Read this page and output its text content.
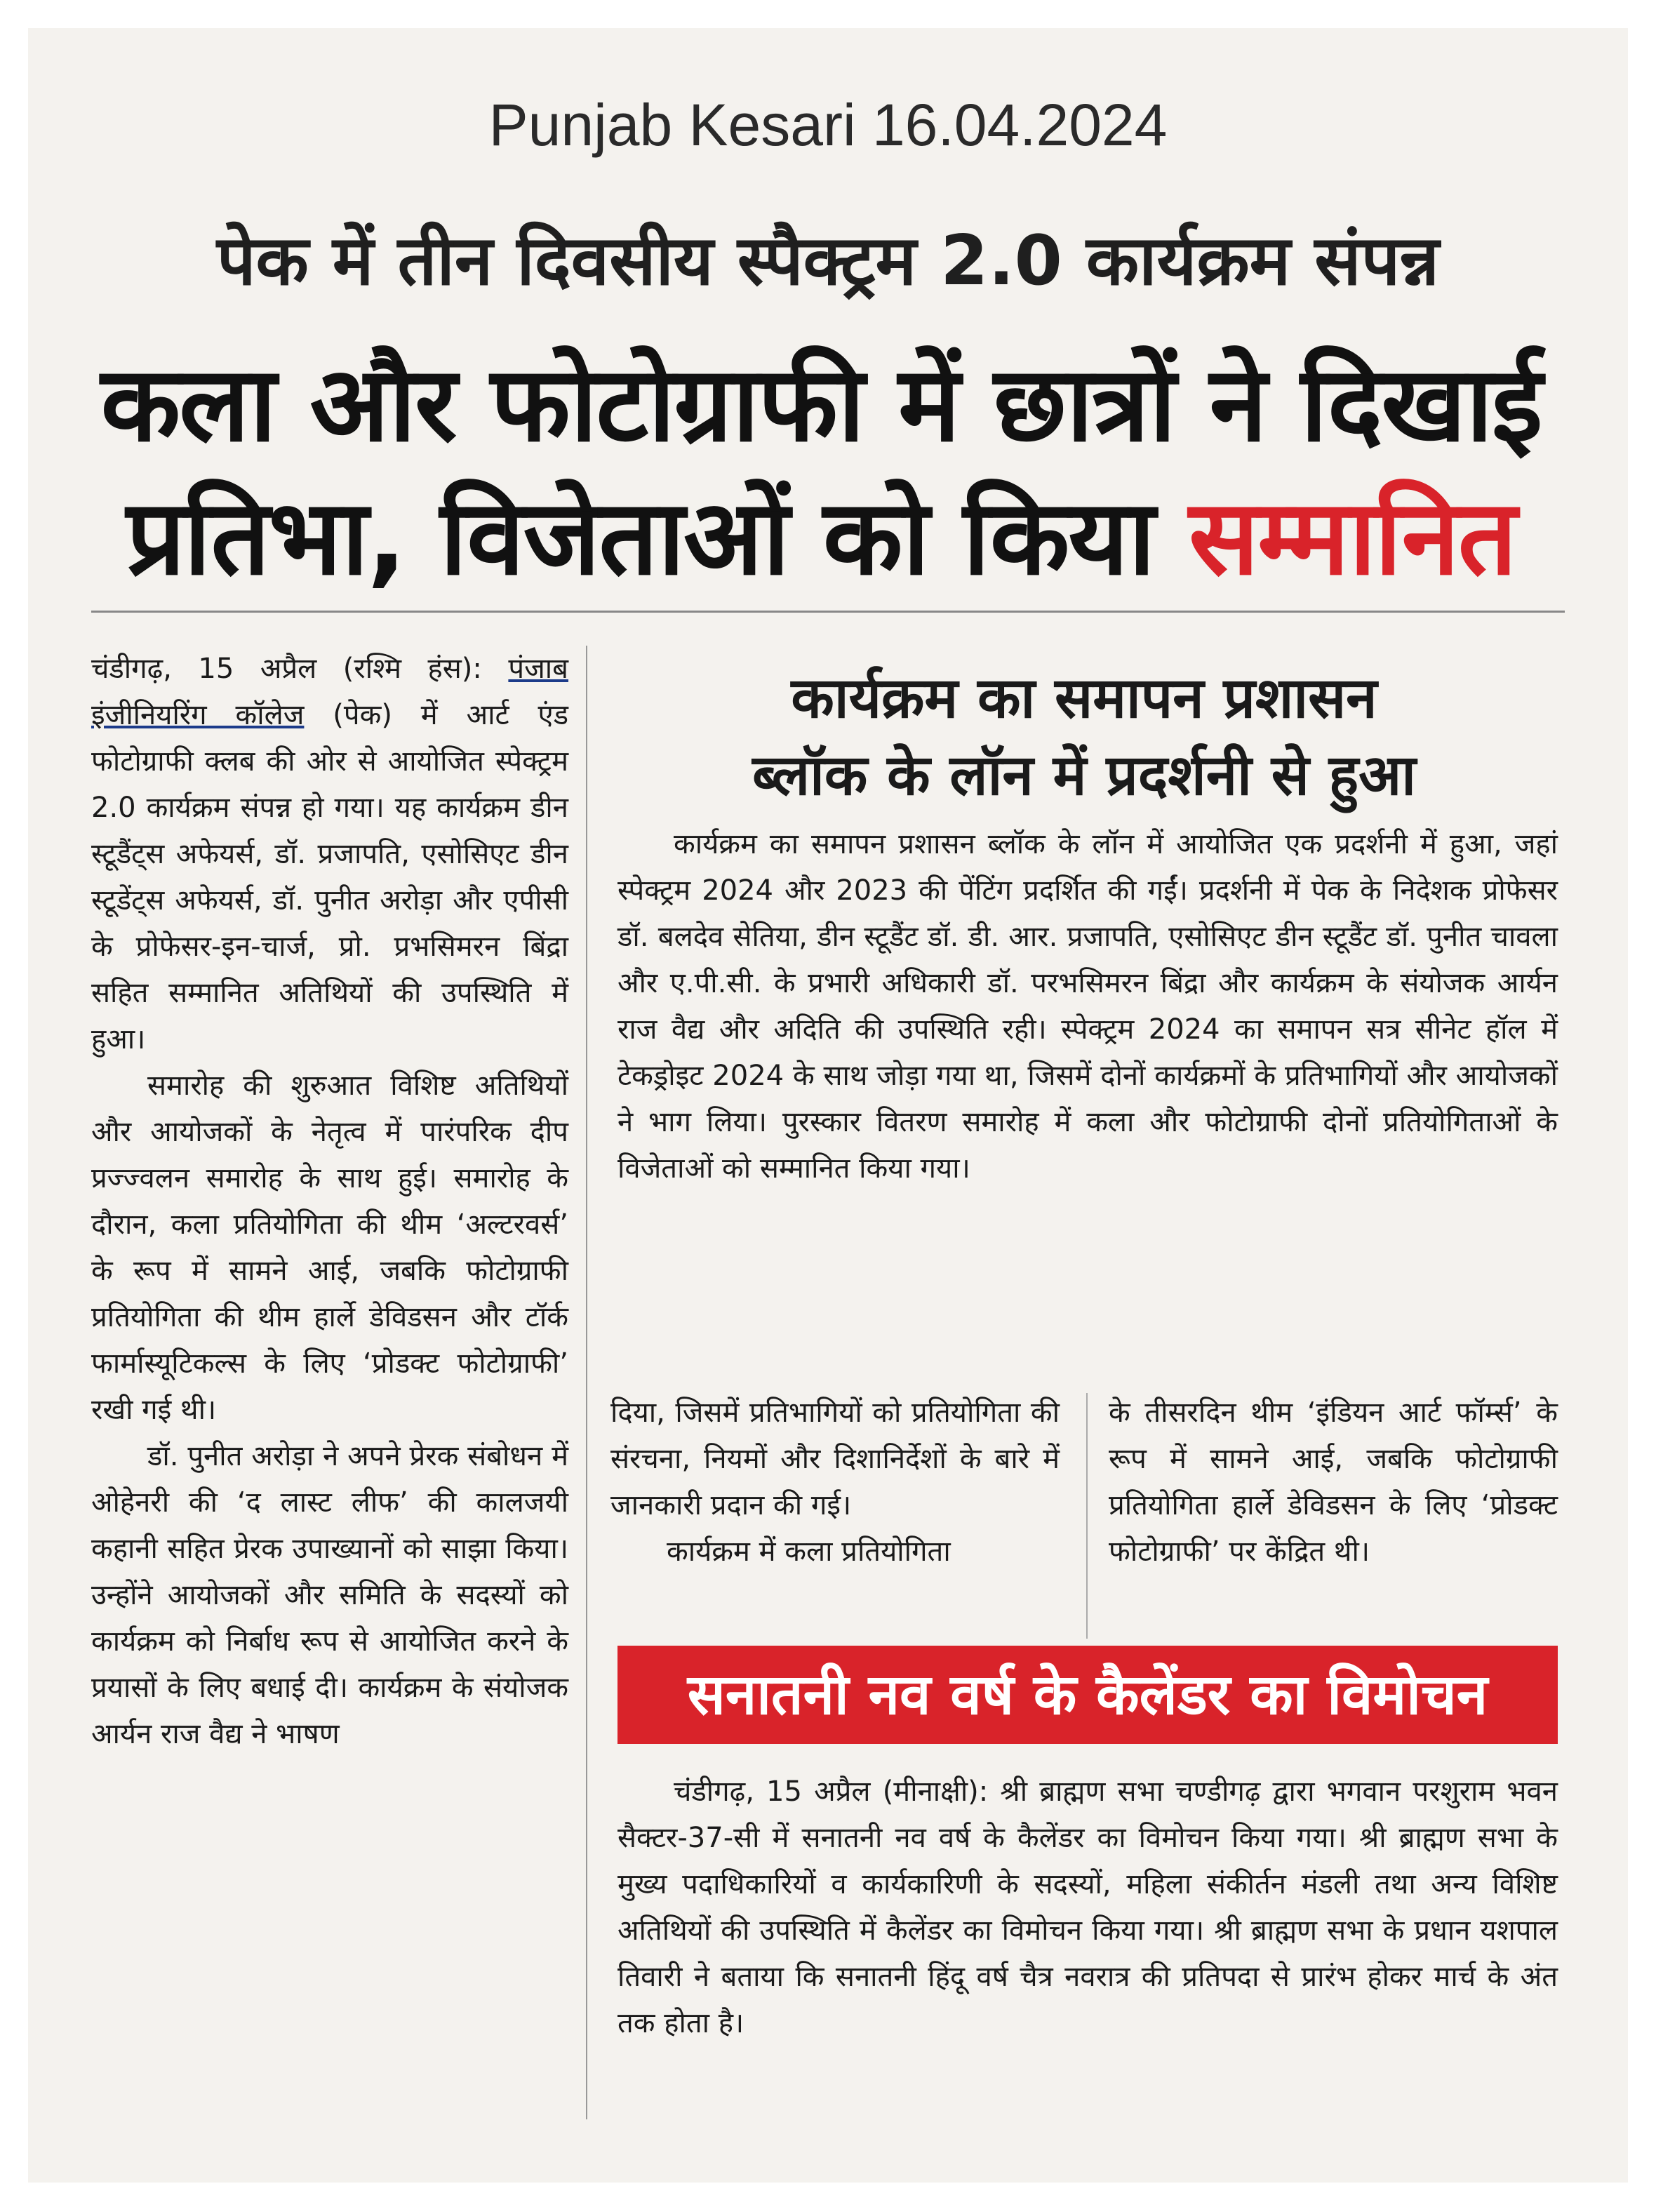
Punjab Kesari 16.04.2024
पेक में तीन दिवसीय स्पैक्ट्रम 2.0 कार्यक्रम संपन्न
कला और फोटोग्राफी में छात्रों ने दिखाई
प्रतिभा, विजेताओं को किया सम्मानित

चंडीगढ़, 15 अप्रैल (रश्मि हंस): पंजाब इंजीनियरिंग कॉलेज (पेक) में आर्ट एंड फोटोग्राफी क्लब की ओर से आयोजित स्पेक्ट्रम 2.0 कार्यक्रम संपन्न हो गया। यह कार्यक्रम डीन स्टूडैंट्स अफेयर्स, डॉ. प्रजापति, एसोसिएट डीन स्टूडेंट्स अफेयर्स, डॉ. पुनीत अरोड़ा और एपीसी के प्रोफेसर-इन-चार्ज, प्रो. प्रभसिमरन बिंद्रा सहित सम्मानित अतिथियों की उपस्थिति में हुआ।

समारोह की शुरुआत विशिष्ट अतिथियों और आयोजकों के नेतृत्व में पारंपरिक दीप प्रज्ज्वलन समारोह के साथ हुई। समारोह के दौरान, कला प्रतियोगिता की थीम ‘अल्टरवर्स’ के रूप में सामने आई, जबकि फोटोग्राफी प्रतियोगिता की थीम हार्ले डेविडसन और टॉर्क फार्मास्यूटिकल्स के लिए ‘प्रोडक्ट फोटोग्राफी’ रखी गई थी।

डॉ. पुनीत अरोड़ा ने अपने प्रेरक संबोधन में ओहेनरी की ‘द लास्ट लीफ’ की कालजयी कहानी सहित प्रेरक उपाख्यानों को साझा किया। उन्होंने आयोजकों और समिति के सदस्यों को कार्यक्रम को निर्बाध रूप से आयोजित करने के प्रयासों के लिए बधाई दी। कार्यक्रम के संयोजक आर्यन राज वैद्य ने भाषण

कार्यक्रम का समापन प्रशासन
ब्लॉक के लॉन में प्रदर्शनी से हुआ

कार्यक्रम का समापन प्रशासन ब्लॉक के लॉन में आयोजित एक प्रदर्शनी में हुआ, जहां स्पेक्ट्रम 2024 और 2023 की पेंटिंग प्रदर्शित की गईं। प्रदर्शनी में पेक के निदेशक प्रोफेसर डॉ. बलदेव सेतिया, डीन स्टूडैंट डॉ. डी. आर. प्रजापति, एसोसिएट डीन स्टूडैंट डॉ. पुनीत चावला और ए.पी.सी. के प्रभारी अधिकारी डॉ. परभसिमरन बिंद्रा और कार्यक्रम के संयोजक आर्यन राज वैद्य और अदिति की उपस्थिति रही। स्पेक्ट्रम 2024 का समापन सत्र सीनेट हॉल में टेकड्रोइट 2024 के साथ जोड़ा गया था, जिसमें दोनों कार्यक्रमों के प्रतिभागियों और आयोजकों ने भाग लिया। पुरस्कार वितरण समारोह में कला और फोटोग्राफी दोनों प्रतियोगिताओं के विजेताओं को सम्मानित किया गया।

दिया, जिसमें प्रतिभागियों को प्रतियोगिता की संरचना, नियमों और दिशानिर्देशों के बारे में जानकारी प्रदान की गई।

कार्यक्रम में कला प्रतियोगिता

के तीसरदिन थीम ‘इंडियन आर्ट फॉर्म्स’ के रूप में सामने आई, जबकि फोटोग्राफी प्रतियोगिता हार्ले डेविडसन के लिए ‘प्रोडक्ट फोटोग्राफी’ पर केंद्रित थी।

सनातनी नव वर्ष के कैलेंडर का विमोचन

चंडीगढ़, 15 अप्रैल (मीनाक्षी): श्री ब्राह्मण सभा चण्डीगढ़ द्वारा भगवान परशुराम भवन सैक्टर-37-सी में सनातनी नव वर्ष के कैलेंडर का विमोचन किया गया। श्री ब्राह्मण सभा के मुख्य पदाधिकारियों व कार्यकारिणी के सदस्यों, महिला संकीर्तन मंडली तथा अन्य विशिष्ट अतिथियों की उपस्थिति में कैलेंडर का विमोचन किया गया। श्री ब्राह्मण सभा के प्रधान यशपाल तिवारी ने बताया कि सनातनी हिंदू वर्ष चैत्र नवरात्र की प्रतिपदा से प्रारंभ होकर मार्च के अंत तक होता है।
